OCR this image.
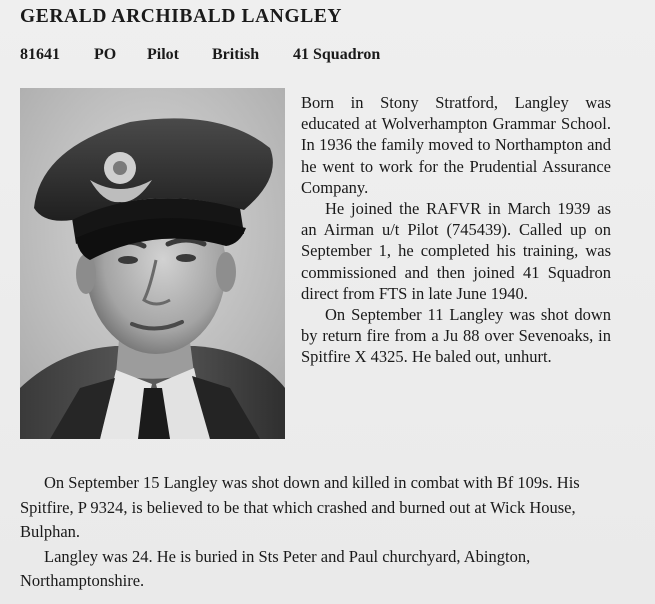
GERALD ARCHIBALD LANGLEY
81641 PO Pilot British 41 Squadron

Born in Stony Stratford, Langley was educated at Wolverhampton Grammar School. In 1936 the family moved to Northampton and he went to work for the Prudential Assurance Company.

He joined the RAFVR in March 1939 as an Airman u/t Pilot (745439). Called up on September 1, he completed his training, was commissioned and then joined 41 Squadron direct from FTS in late June 1940.

On September 11 Langley was shot down by return fire from a Ju 88 over Sevenoaks, in Spitfire X 4325. He baled out, unhurt.

On September 15 Langley was shot down and killed in combat with Bf 109s. His Spitfire, P 9324, is believed to be that which crashed and burned out at Wick House, Bulphan.

Langley was 24. He is buried in Sts Peter and Paul churchyard, Abington, Northamptonshire.
